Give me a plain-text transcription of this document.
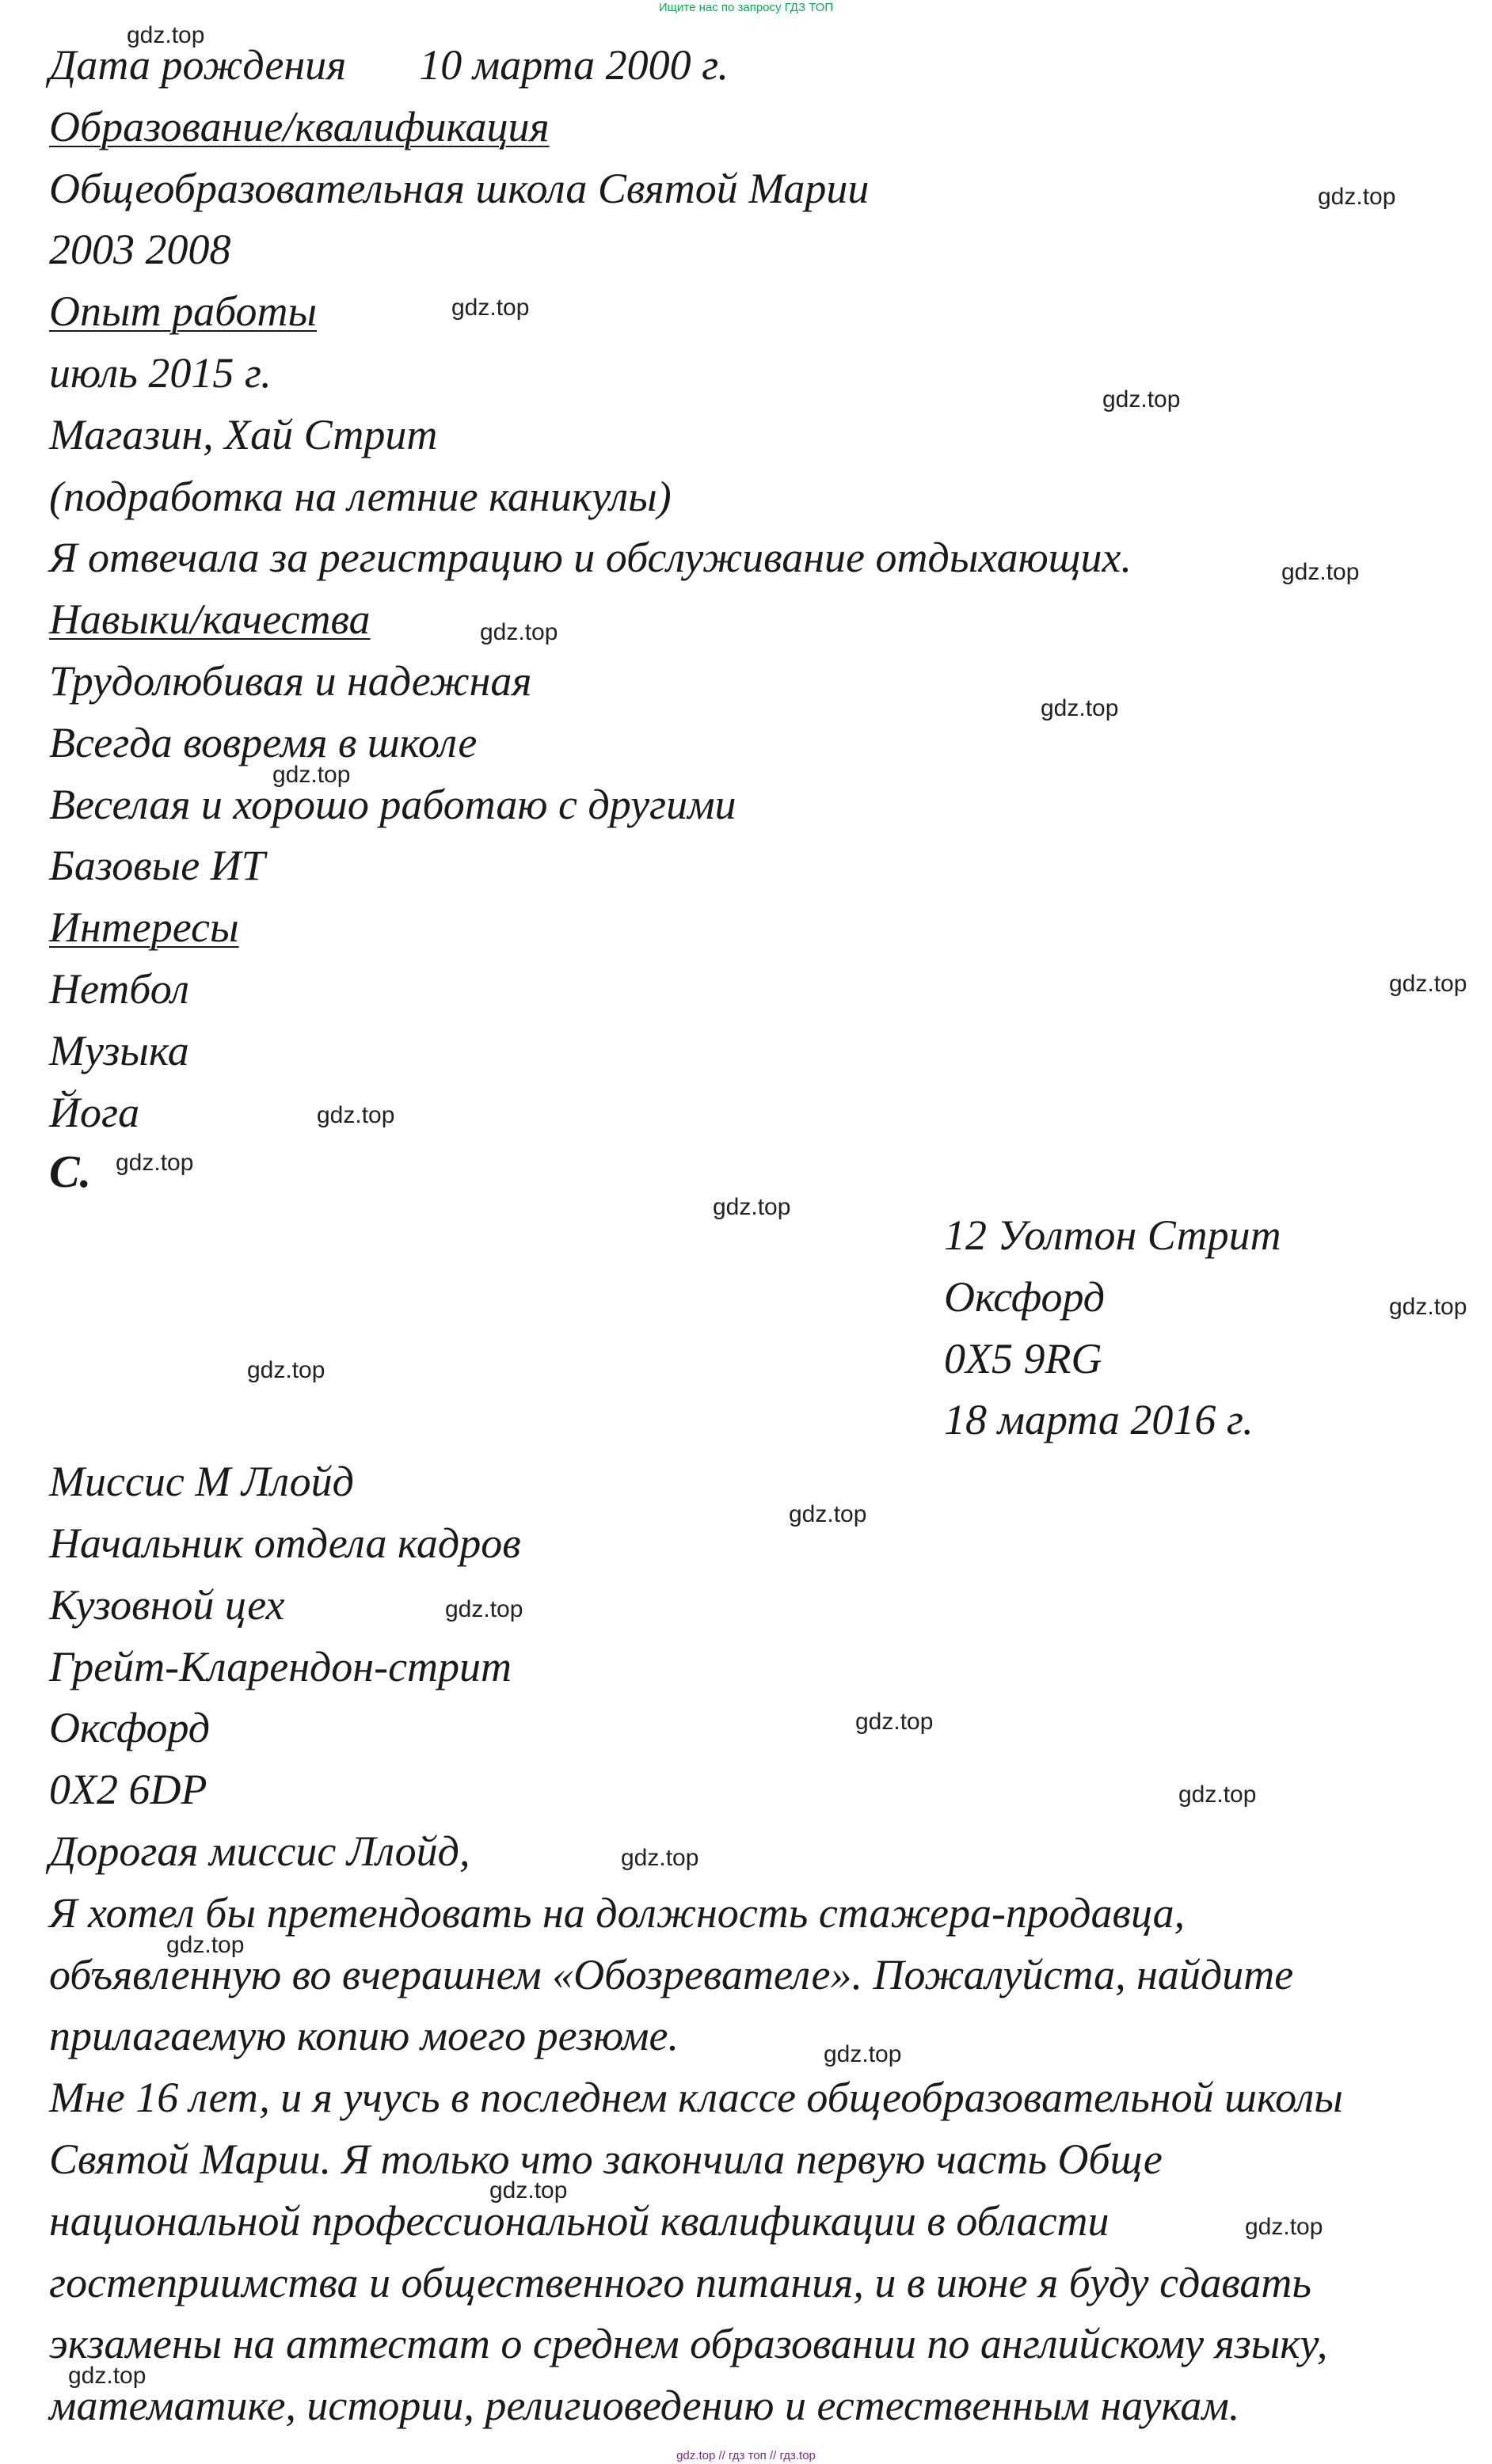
Ищите нас по запросу ГДЗ ТОП
Дата рождения 10 марта 2000 г.
Образование/квалификация
Общеобразовательная школа Святой Марии
2003 2008
Опыт работы
июль 2015 г.
Магазин, Хай Стрит
(подработка на летние каникулы)
Я отвечала за регистрацию и обслуживание отдыхающих.
Навыки/качества
Трудолюбивая и надежная
Всегда вовремя в школе
Веселая и хорошо работаю с другими
Базовые ИТ
Интересы
Нетбол
Музыка
Йога
C.
12 Уолтон Стрит
Оксфорд
0X5 9RG
18 марта 2016 г.
Миссис М Ллойд
Начальник отдела кадров
Кузовной цех
Грейт-Кларендон-стрит
Оксфорд
0X2 6DP
Дорогая миссис Ллойд,
Я хотел бы претендовать на должность стажера-продавца,
объявленную во вчерашнем «Обозревателе». Пожалуйста, найдите
прилагаемую копию моего резюме.
Мне 16 лет, и я учусь в последнем классе общеобразовательной школы
Святой Марии. Я только что закончила первую часть Обще
национальной профессиональной квалификации в области
гостеприимства и общественного питания, и в июне я буду сдавать
экзамены на аттестат о среднем образовании по английскому языку,
математике, истории, религиоведению и естественным наукам.
gdz.top
gdz.top
gdz.top
gdz.top
gdz.top
gdz.top
gdz.top
gdz.top
gdz.top
gdz.top
gdz.top
gdz.top
gdz.top
gdz.top
gdz.top
gdz.top
gdz.top
gdz.top
gdz.top
gdz.top
gdz.top
gdz.top
gdz.top
gdz.top
gdz.top // гдз топ // гдз.top
